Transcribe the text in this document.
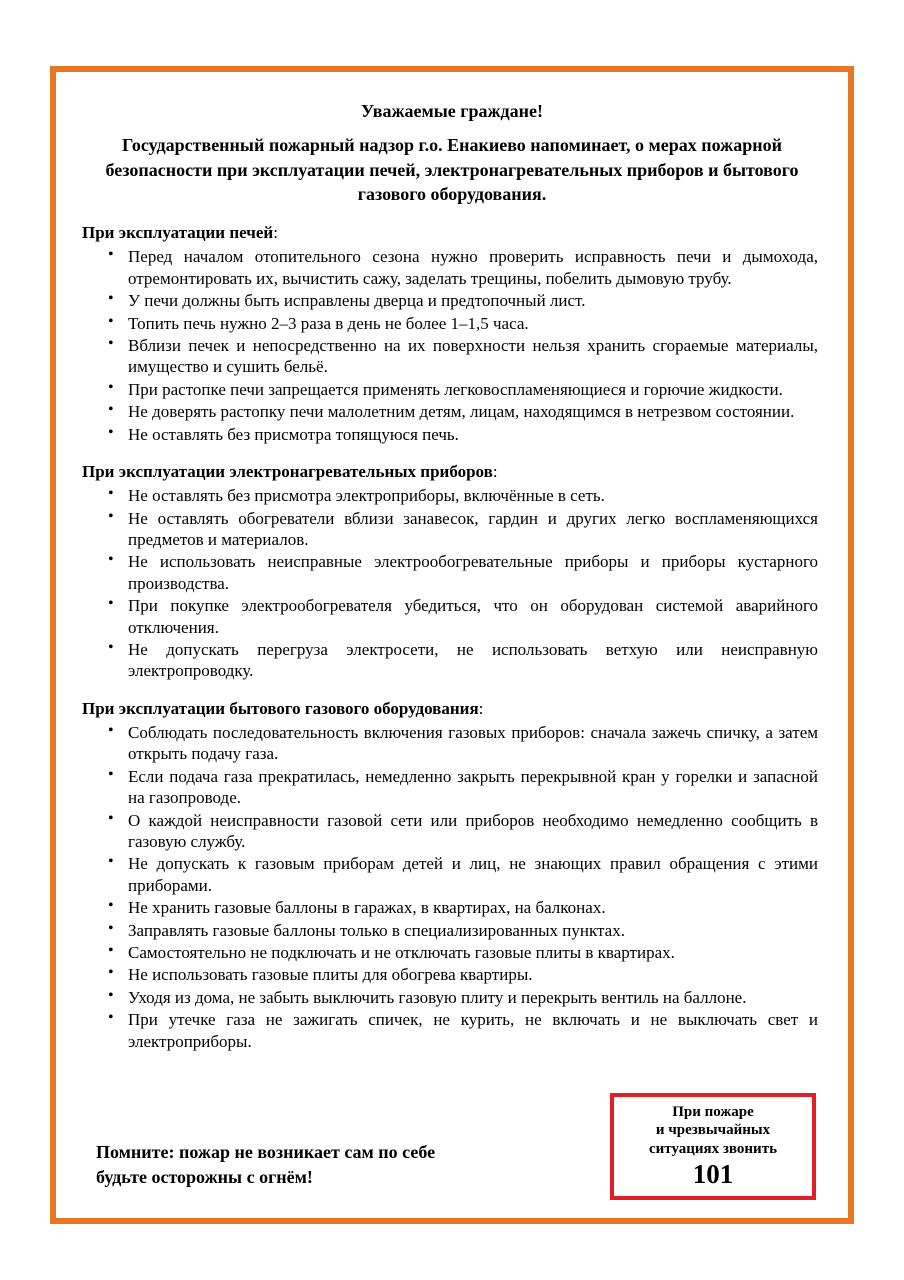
Уважаемые граждане!
Государственный пожарный надзор г.о. Енакиево напоминает, о мерах пожарной безопасности при эксплуатации печей, электронагревательных приборов и бытового газового оборудования.
При эксплуатации печей:
• Перед началом отопительного сезона нужно проверить исправность печи и дымохода, отремонтировать их, вычистить сажу, заделать трещины, побелить дымовую трубу.
• У печи должны быть исправлены дверца и предтопочный лист.
• Топить печь нужно 2–3 раза в день не более 1–1,5 часа.
• Вблизи печек и непосредственно на их поверхности нельзя хранить сгораемые материалы, имущество и сушить бельё.
• При растопке печи запрещается применять легковоспламеняющиеся и горючие жидкости.
• Не доверять растопку печи малолетним детям, лицам, находящимся в нетрезвом состоянии.
• Не оставлять без присмотра топящуюся печь.
При эксплуатации электронагревательных приборов:
• Не оставлять без присмотра электроприборы, включённые в сеть.
• Не оставлять обогреватели вблизи занавесок, гардин и других легко воспламеняющихся предметов и материалов.
• Не использовать неисправные электрообогревательные приборы и приборы кустарного производства.
• При покупке электрообогревателя убедиться, что он оборудован системой аварийного отключения.
• Не допускать перегруза электросети, не использовать ветхую или неисправную электропроводку.
При эксплуатации бытового газового оборудования:
• Соблюдать последовательность включения газовых приборов: сначала зажечь спичку, а затем открыть подачу газа.
• Если подача газа прекратилась, немедленно закрыть перекрывной кран у горелки и запасной на газопроводе.
• О каждой неисправности газовой сети или приборов необходимо немедленно сообщить в газовую службу.
• Не допускать к газовым приборам детей и лиц, не знающих правил обращения с этими приборами.
• Не хранить газовые баллоны в гаражах, в квартирах, на балконах.
• Заправлять газовые баллоны только в специализированных пунктах.
• Самостоятельно не подключать и не отключать газовые плиты в квартирах.
• Не использовать газовые плиты для обогрева квартиры.
• Уходя из дома, не забыть выключить газовую плиту и перекрыть вентиль на баллоне.
• При утечке газа не зажигать спичек, не курить, не включать и не выключать свет и электроприборы.
Помните: пожар не возникает сам по себе
будьте осторожны с огнём!
При пожаре
и чрезвычайных
ситуациях звонить
101
